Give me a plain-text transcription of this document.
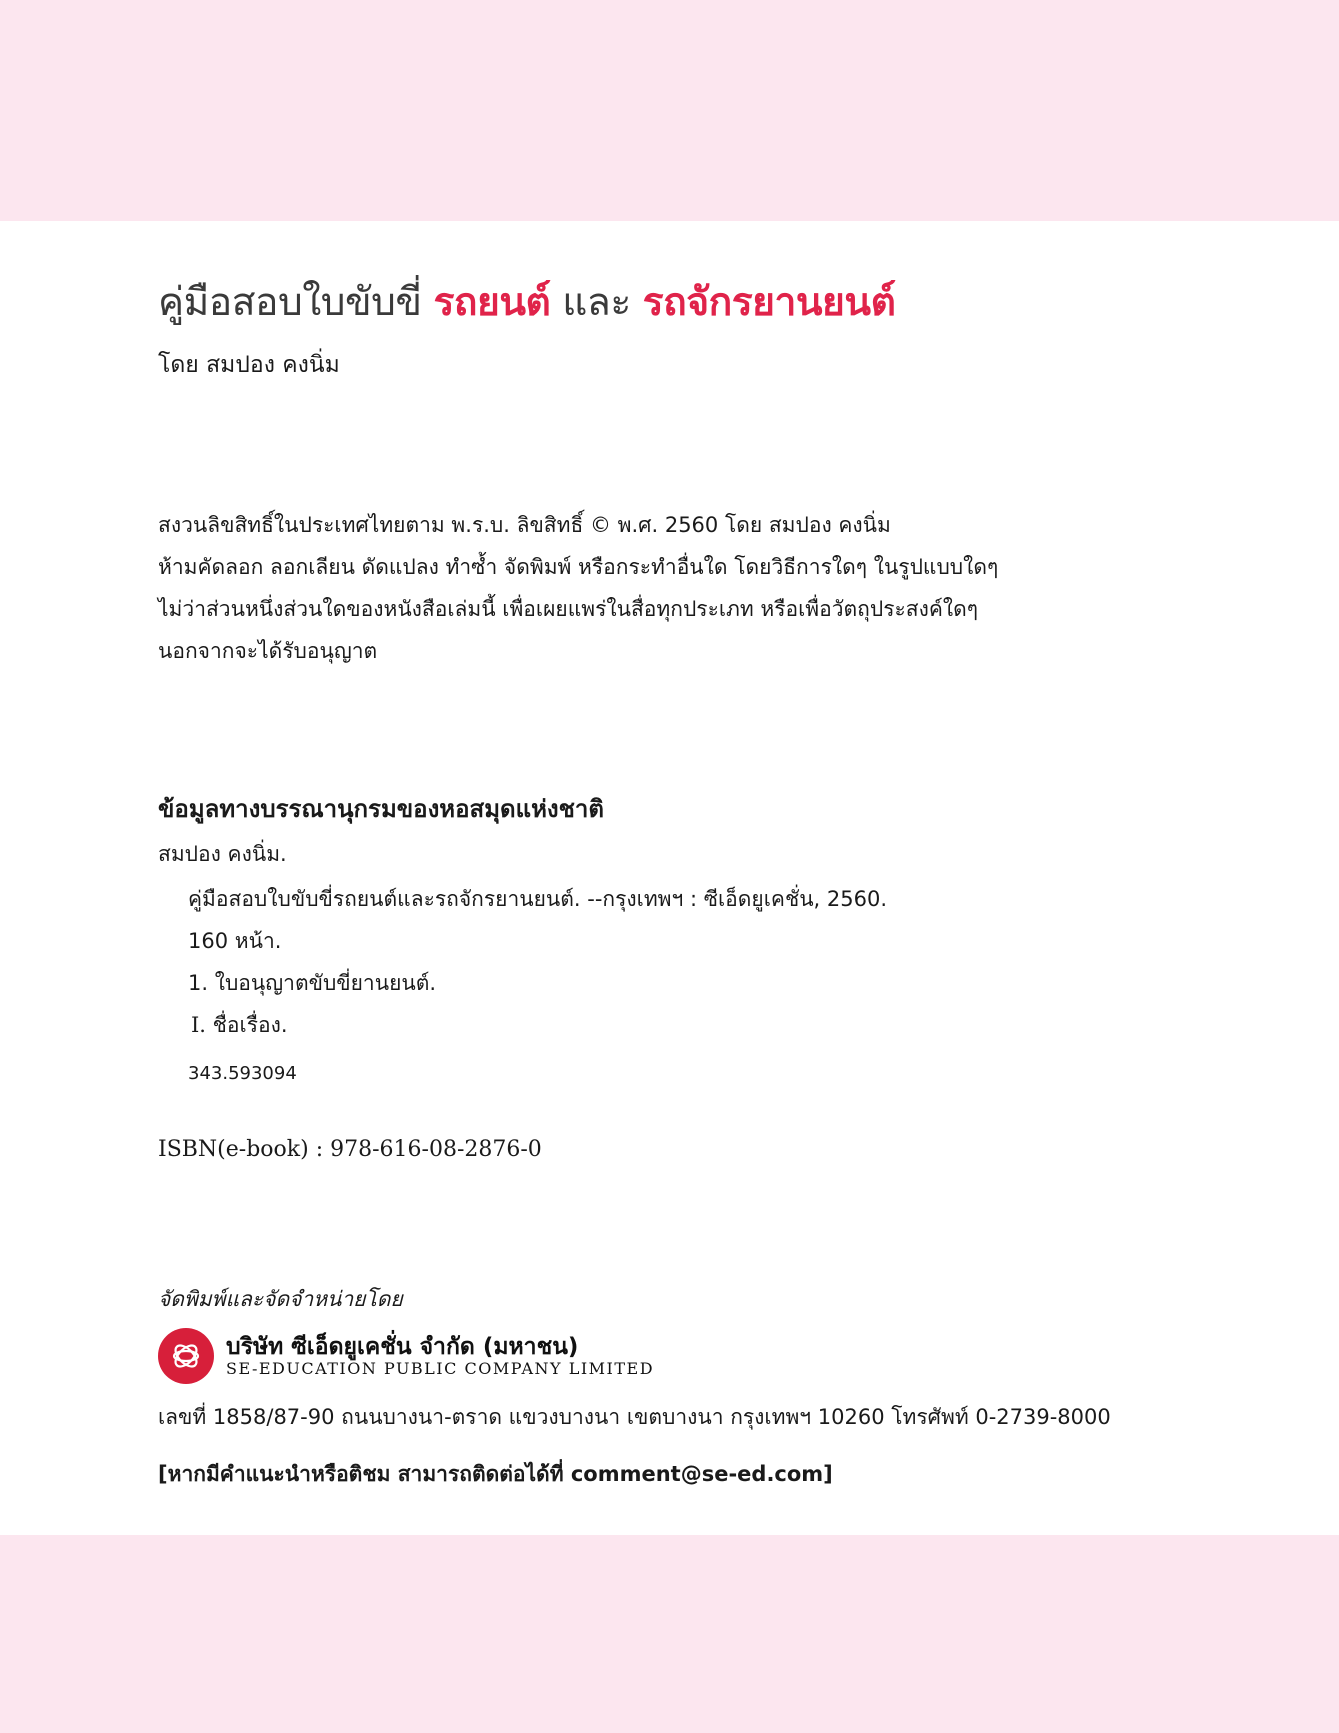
คู่มือสอบใบขับขี่ รถยนต์ และ รถจักรยานยนต์
โดย สมปอง คงนิ่ม
สงวนลิขสิทธิ์ในประเทศไทยตาม พ.ร.บ. ลิขสิทธิ์ © พ.ศ. 2560 โดย สมปอง คงนิ่ม
ห้ามคัดลอก ลอกเลียน ดัดแปลง ทำซ้ำ จัดพิมพ์ หรือกระทำอื่นใด โดยวิธีการใดๆ ในรูปแบบใดๆ
ไม่ว่าส่วนหนึ่งส่วนใดของหนังสือเล่มนี้ เพื่อเผยแพร่ในสื่อทุกประเภท หรือเพื่อวัตถุประสงค์ใดๆ
นอกจากจะได้รับอนุญาต
ข้อมูลทางบรรณานุกรมของหอสมุดแห่งชาติ
สมปอง คงนิ่ม.
คู่มือสอบใบขับขี่รถยนต์และรถจักรยานยนต์. --กรุงเทพฯ : ซีเอ็ดยูเคชั่น, 2560.
160 หน้า.
1. ใบอนุญาตขับขี่ยานยนต์.
I. ชื่อเรื่อง.
343.593094
ISBN(e-book) : 978-616-08-2876-0
จัดพิมพ์และจัดจำหน่ายโดย
บริษัท ซีเอ็ดยูเคชั่น จำกัด (มหาชน)
SE-EDUCATION PUBLIC COMPANY LIMITED
เลขที่ 1858/87-90 ถนนบางนา-ตราด แขวงบางนา เขตบางนา กรุงเทพฯ 10260 โทรศัพท์ 0-2739-8000
[หากมีคำแนะนำหรือติชม สามารถติดต่อได้ที่ comment@se-ed.com]
